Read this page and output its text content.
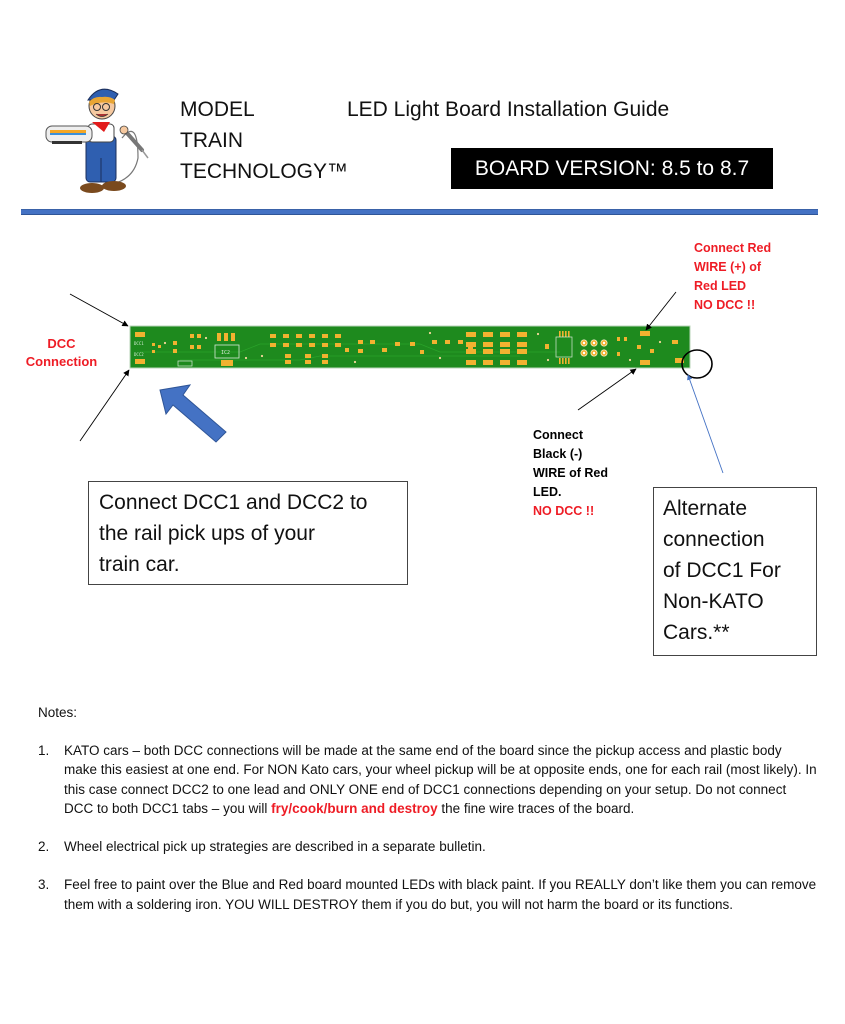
MODEL
TRAIN
TECHNOLOGY™
LED Light Board Installation Guide
BOARD VERSION: 8.5 to 8.7
DCC1
DCC2	IC2
DCC
Connection
Connect Red
WIRE (+) of
Red LED
NO DCC !!
Connect
Black (-)
WIRE of Red
LED.
NO DCC !!
Connect DCC1 and DCC2 to
the rail pick ups of your
train car.
Alternate
connection
of DCC1 For
Non-KATO
Cars.**
Notes:
1.	KATO cars – both DCC connections will be made at the same end of the board since the pickup access and plastic body make this easiest at one end. For NON Kato cars, your wheel pickup will be at opposite ends, one for each rail (most likely). In this case connect DCC2 to one lead and ONLY ONE end of DCC1 connections depending on your setup. Do not connect DCC to both DCC1 tabs – you will fry/cook/burn and destroy the fine wire traces of the board.
2.	Wheel electrical pick up strategies are described in a separate bulletin.
3.	Feel free to paint over the Blue and Red board mounted LEDs with black paint. If you REALLY don’t like them you can remove them with a soldering iron. YOU WILL DESTROY them if you do but, you will not harm the board or its functions.
